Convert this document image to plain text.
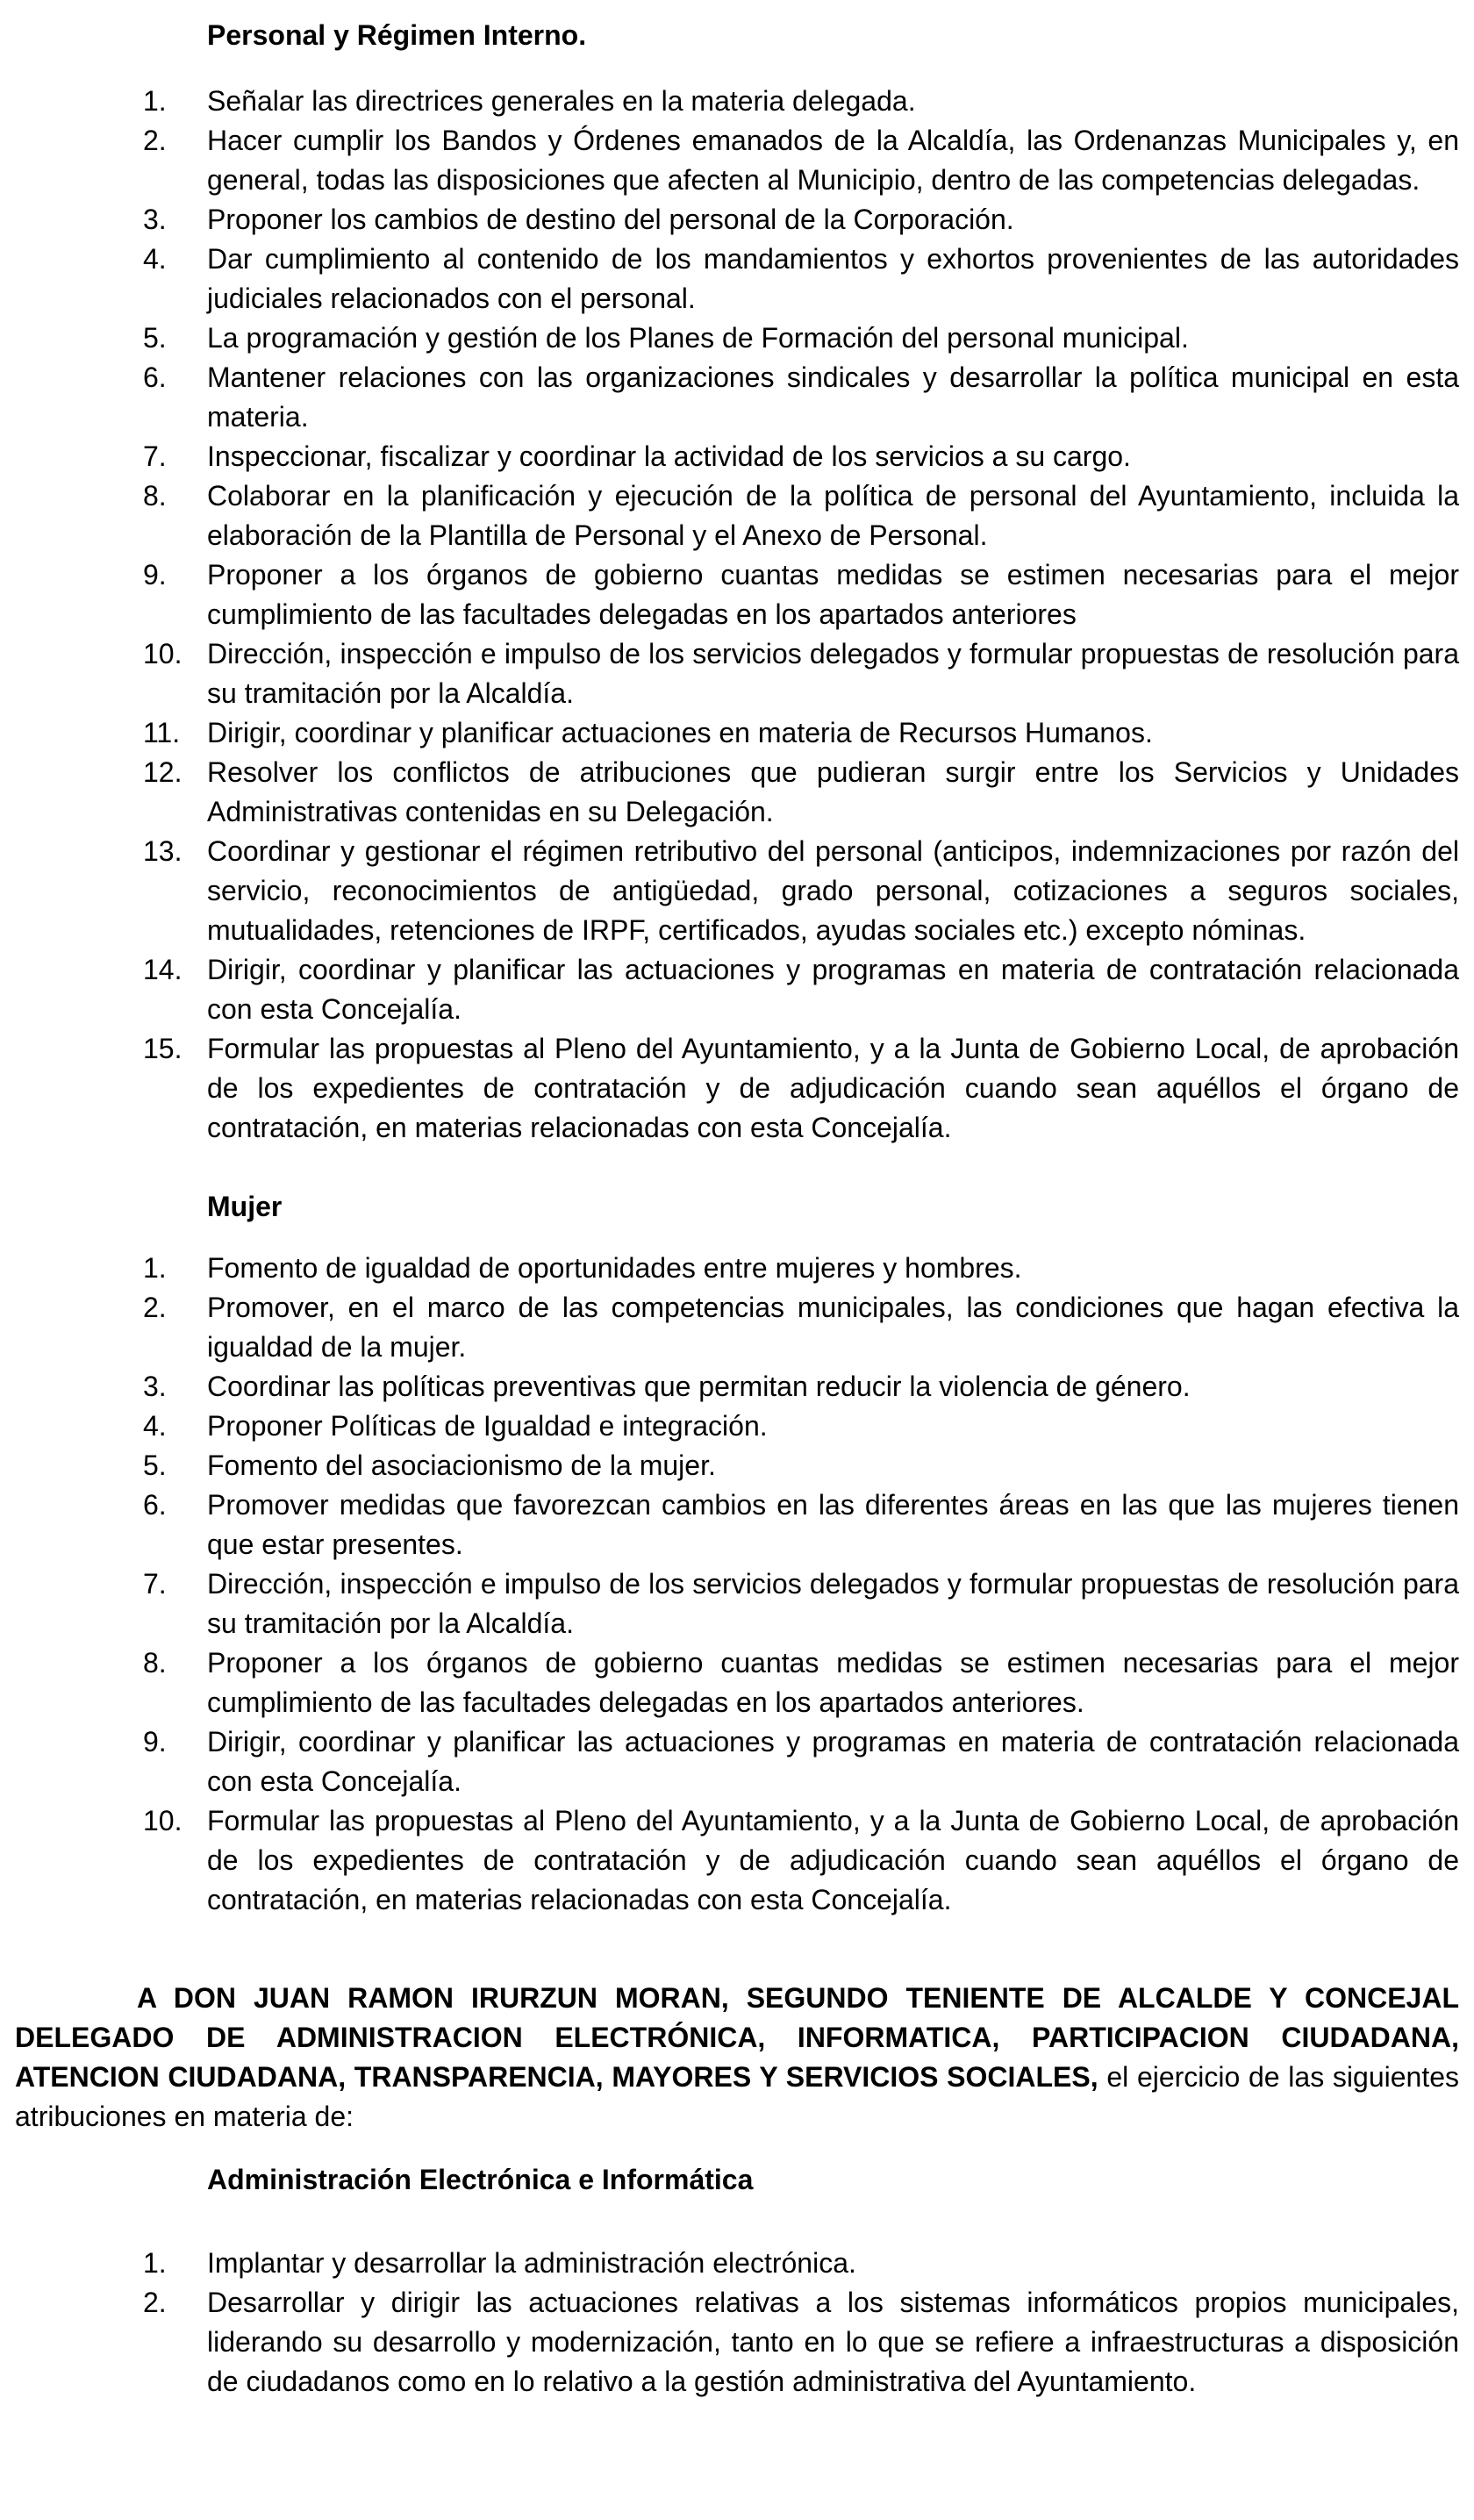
Personal y Régimen Interno.
1. Señalar las directrices generales en la materia delegada.
2. Hacer cumplir los Bandos y Órdenes emanados de la Alcaldía, las Ordenanzas Municipales y, en general, todas las disposiciones que afecten al Municipio, dentro de las competencias delegadas.
3. Proponer los cambios de destino del personal de la Corporación.
4. Dar cumplimiento al contenido de los mandamientos y exhortos provenientes de las autoridades judiciales relacionados con el personal.
5. La programación y gestión de los Planes de Formación del personal municipal.
6. Mantener relaciones con las organizaciones sindicales y desarrollar la política municipal en esta materia.
7. Inspeccionar, fiscalizar y coordinar la actividad de los servicios a su cargo.
8. Colaborar en la planificación y ejecución de la política de personal del Ayuntamiento, incluida la elaboración de la Plantilla de Personal y el Anexo de Personal.
9. Proponer a los órganos de gobierno cuantas medidas se estimen necesarias para el mejor cumplimiento de las facultades delegadas en los apartados anteriores
10. Dirección, inspección e impulso de los servicios delegados y formular propuestas de resolución para su tramitación por la Alcaldía.
11. Dirigir, coordinar y planificar actuaciones en materia de Recursos Humanos.
12. Resolver los conflictos de atribuciones que pudieran surgir entre los Servicios y Unidades Administrativas contenidas en su Delegación.
13. Coordinar y gestionar el régimen retributivo del personal (anticipos, indemnizaciones por razón del servicio, reconocimientos de antigüedad, grado personal, cotizaciones a seguros sociales, mutualidades, retenciones de IRPF, certificados, ayudas sociales etc.) excepto nóminas.
14. Dirigir, coordinar y planificar las actuaciones y programas en materia de contratación relacionada con esta Concejalía.
15. Formular las propuestas al Pleno del Ayuntamiento, y a la Junta de Gobierno Local, de aprobación de los expedientes de contratación y de adjudicación cuando sean aquéllos el órgano de contratación, en materias relacionadas con esta Concejalía.
Mujer
1. Fomento de igualdad de oportunidades entre mujeres y hombres.
2. Promover, en el marco de las competencias municipales, las condiciones que hagan efectiva la igualdad de la mujer.
3. Coordinar las políticas preventivas que permitan reducir la violencia de género.
4. Proponer Políticas de Igualdad e integración.
5. Fomento del asociacionismo de la mujer.
6. Promover medidas que favorezcan cambios en las diferentes áreas en las que las mujeres tienen que estar presentes.
7. Dirección, inspección e impulso de los servicios delegados y formular propuestas de resolución para su tramitación por la Alcaldía.
8. Proponer a los órganos de gobierno cuantas medidas se estimen necesarias para el mejor cumplimiento de las facultades delegadas en los apartados anteriores.
9. Dirigir, coordinar y planificar las actuaciones y programas en materia de contratación relacionada con esta Concejalía.
10. Formular las propuestas al Pleno del Ayuntamiento, y a la Junta de Gobierno Local, de aprobación de los expedientes de contratación y de adjudicación cuando sean aquéllos el órgano de contratación, en materias relacionadas con esta Concejalía.

A DON JUAN RAMON IRURZUN MORAN, SEGUNDO TENIENTE DE ALCALDE Y CONCEJAL DELEGADO DE ADMINISTRACION ELECTRÓNICA, INFORMATICA, PARTICIPACION CIUDADANA, ATENCION CIUDADANA, TRANSPARENCIA, MAYORES Y SERVICIOS SOCIALES, el ejercicio de las siguientes atribuciones en materia de:

Administración Electrónica e Informática
1. Implantar y desarrollar la administración electrónica.
2. Desarrollar y dirigir las actuaciones relativas a los sistemas informáticos propios municipales, liderando su desarrollo y modernización, tanto en lo que se refiere a infraestructuras a disposición de ciudadanos como en lo relativo a la gestión administrativa del Ayuntamiento.
